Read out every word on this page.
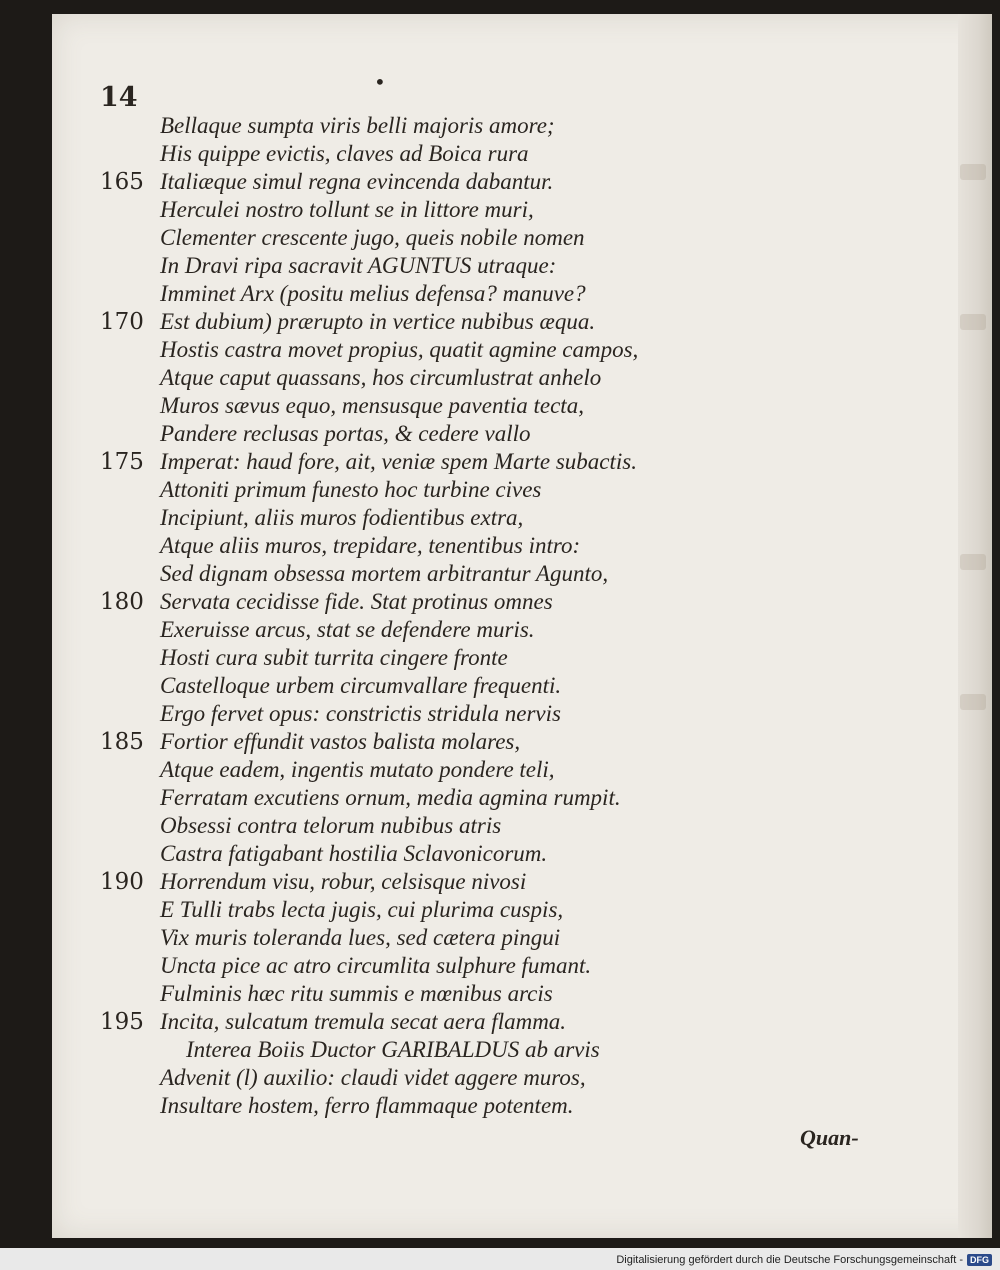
•
14
Bellaque sumpta viris belli majoris amore;
His quippe evictis, claves ad Boica rura
165 Italiæque simul regna evincenda dabantur.
Herculei nostro tollunt se in littore muri,
Clementer crescente jugo, queis nobile nomen
In Dravi ripa sacravit AGUNTUS utraque:
Imminet Arx (positu melius defensa? manuve?
170 Est dubium) prærupto in vertice nubibus æqua.
Hostis castra movet propius, quatit agmine campos,
Atque caput quassans, hos circumlustrat anhelo
Muros sævus equo, mensusque paventia tecta,
Pandere reclusas portas, & cedere vallo
175 Imperat: haud fore, ait, veniæ spem Marte subactis.
Attoniti primum funesto hoc turbine cives
Incipiunt, aliis muros fodientibus extra,
Atque aliis muros, trepidare, tenentibus intro:
Sed dignam obsessa mortem arbitrantur Agunto,
180 Servata cecidisse fide. Stat protinus omnes
Exeruisse arcus, stat se defendere muris.
Hosti cura subit turrita cingere fronte
Castelloque urbem circumvallare frequenti.
Ergo fervet opus: constrictis stridula nervis
185 Fortior effundit vastos balista molares,
Atque eadem, ingentis mutato pondere teli,
Ferratam excutiens ornum, media agmina rumpit.
Obsessi contra telorum nubibus atris
Castra fatigabant hostilia Sclavonicorum.
190 Horrendum visu, robur, celsisque nivosi
E Tulli trabs lecta jugis, cui plurima cuspis,
Vix muris toleranda lues, sed cætera pingui
Uncta pice ac atro circumlita sulphure fumant.
Fulminis hæc ritu summis e mœnibus arcis
195 Incita, sulcatum tremula secat aera flamma.
Interea Boiis Ductor GARIBALDUS ab arvis
Advenit (l) auxilio: claudi videt aggere muros,
Insultare hostem, ferro flammaque potentem.
Quan-
Digitalisierung gefördert durch die Deutsche Forschungsgemeinschaft - DFG
